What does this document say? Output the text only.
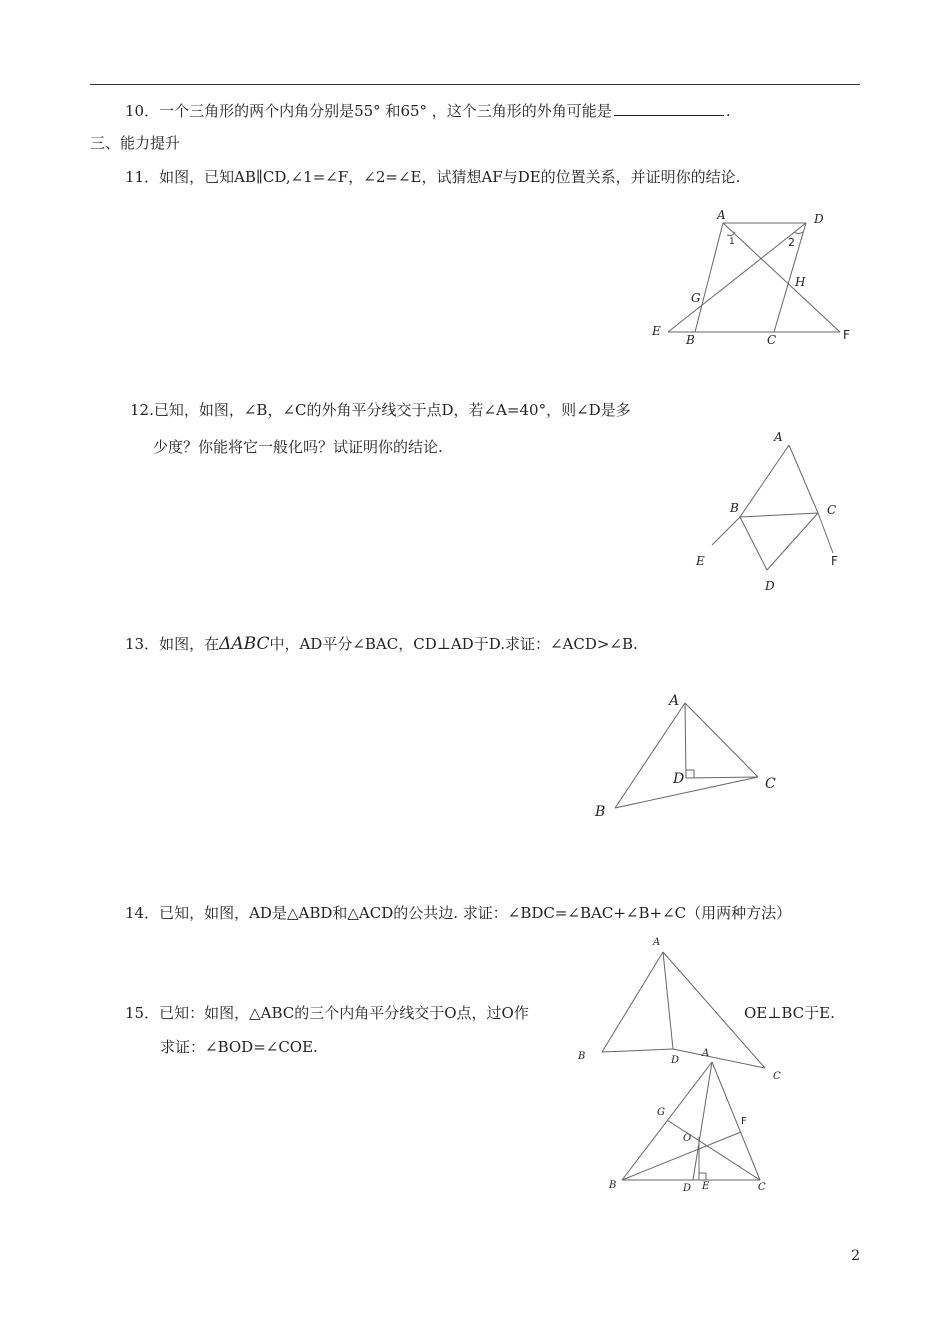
10．一个三角形的两个内角分别是55° 和65° ，这个三角形的外角可能是	.
三、能力提升
11．如图，已知AB∥CD,∠1=∠F，∠2=∠E，试猜想AF与DE的位置关系，并证明你的结论.
A	D
1	2
H
G
E
B	C	F
12.已知，如图，∠B，∠C的外角平分线交于点D，若∠A=40°，则∠D是多
少度？你能将它一般化吗？试证明你的结论.
A
B	C
E	F
D
13．如图，在ΔABC中，AD平分∠BAC，CD⊥AD于D.求证：∠ACD>∠B.
A
D	C
B
14．已知，如图，AD是△ABD和△ACD的公共边. 求证：∠BDC=∠BAC+∠B+∠C（用两种方法）
A
B	D
C
15．已知：如图，△ABC的三个内角平分线交于O点，过O作	OE⊥BC于E.
求证：∠BOD=∠COE.	A
G
F
O
B	D E	C
2
